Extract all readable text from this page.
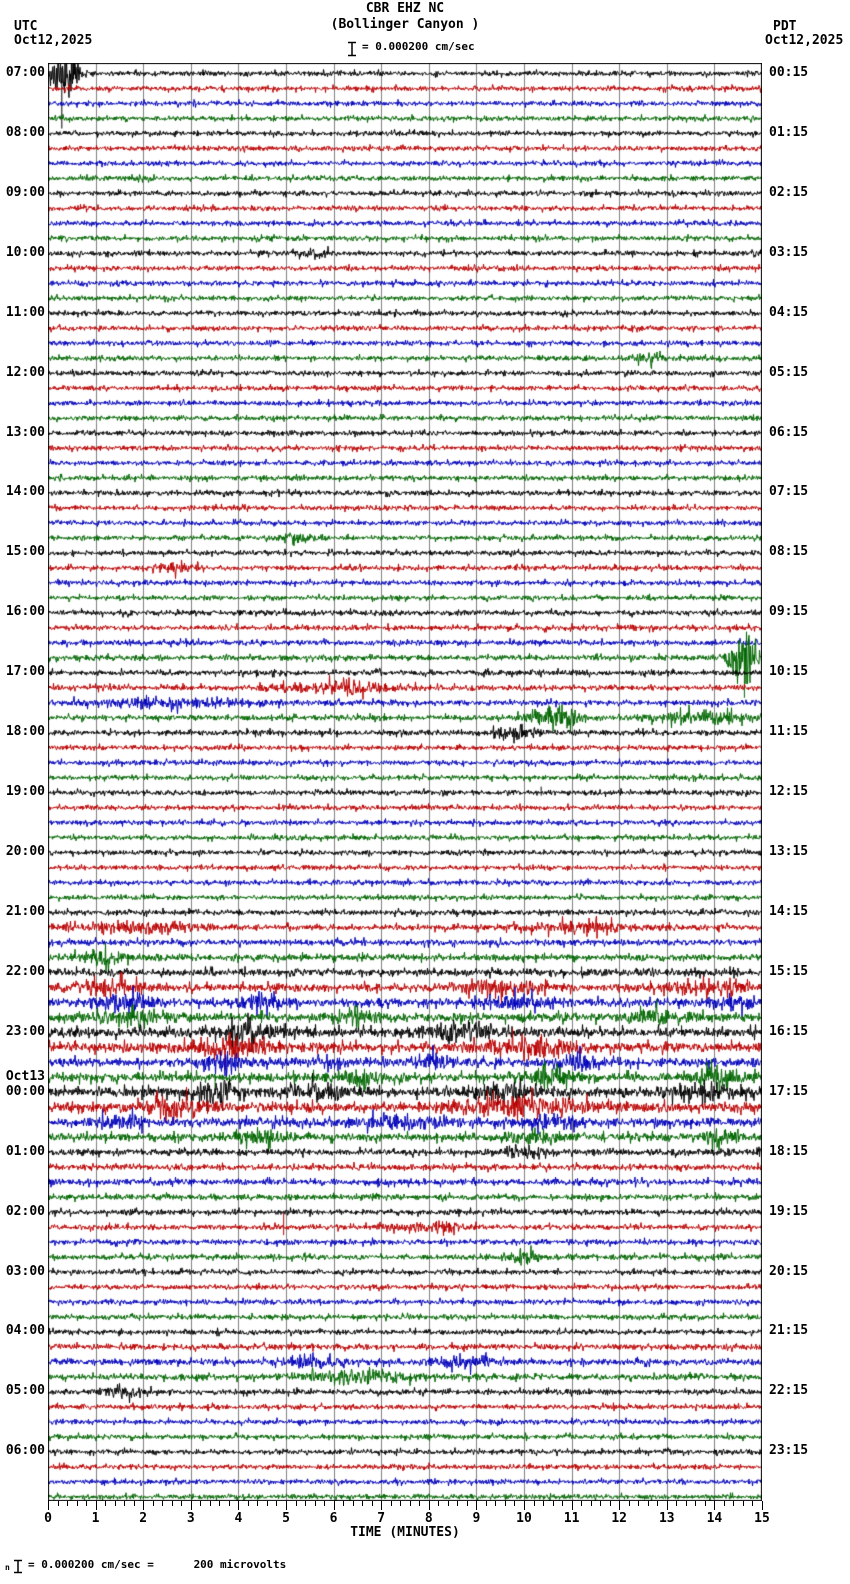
UTC
Oct12,2025
CBR EHZ NC
(Bollinger Canyon )
= 0.000200 cm/sec
PDT
Oct12,2025
07:00
08:00
09:00
10:00
11:00
12:00
13:00
14:00
15:00
16:00
17:00
18:00
19:00
20:00
21:00
22:00
23:00
00:00
01:00
02:00
03:00
04:00
05:00
06:00
00:15
01:15
02:15
03:15
04:15
05:15
06:15
07:15
08:15
09:15
10:15
11:15
12:15
13:15
14:15
15:15
16:15
17:15
18:15
19:15
20:15
21:15
22:15
23:15
Oct13
0	1	2	3	4	5	6	7	8	9	10 11 12 13 14 15
TIME (MINUTES)
n = 0.000200 cm/sec =      200 microvolts
